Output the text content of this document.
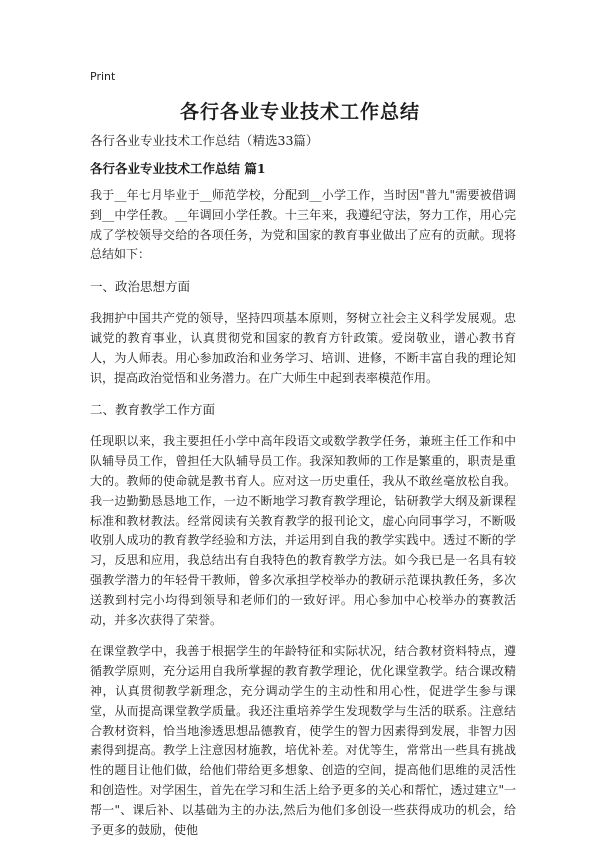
Print
各行各业专业技术工作总结

各行各业专业技术工作总结（精选33篇）

各行各业专业技术工作总结 篇1

我于__年七月毕业于__师范学校，分配到__小学工作，当时因"普九"需要被借调到__中学任教。__年调回小学任教。十三年来，我遵纪守法，努力工作，用心完成了学校领导交给的各项任务，为党和国家的教育事业做出了应有的贡献。现将总结如下：

一、政治思想方面

我拥护中国共产党的领导，坚持四项基本原则，努树立社会主义科学发展观。忠诚党的教育事业，认真贯彻党和国家的教育方针政策。爱岗敬业，谱心教书育人，为人师表。用心参加政治和业务学习、培训、进修，不断丰富自我的理论知识，提高政治觉悟和业务潜力。在广大师生中起到表率模范作用。

二、教育教学工作方面

任现职以来，我主要担任小学中高年段语文或数学教学任务，兼班主任工作和中队辅导员工作，曾担任大队辅导员工作。我深知教师的工作是繁重的，职责是重大的。教师的使命就是教书育人。应对这一历史重任，我从不敢丝毫放松自我。我一边勤勤恳恳地工作，一边不断地学习教育教学理论，钻研教学大纲及新课程标准和教材教法。经常阅读有关教育教学的报刊论文，虚心向同事学习，不断吸收别人成功的教育教学经验和方法，并运用到自我的教学实践中。透过不断的学习，反思和应用，我总结出有自我特色的教育教学方法。如今我已是一名具有较强教学潜力的年轻骨干教师，曾多次承担学校举办的教研示范课执教任务，多次送教到村完小均得到领导和老师们的一致好评。用心参加中心校举办的赛教活动，并多次获得了荣誉。

在课堂教学中，我善于根据学生的年龄特征和实际状况，结合教材资料特点，遵循教学原则，充分运用自我所掌握的教育教学理论，优化课堂教学。结合课改精神，认真贯彻教学新理念，充分调动学生的主动性和用心性，促进学生参与课堂，从而提高课堂教学质量。我还注重培养学生发现数学与生活的联系。注意结合教材资料，恰当地渗透思想品德教育，使学生的智力因素得到发展，非智力因素得到提高。教学上注意因材施教，培优补差。对优等生，常常出一些具有挑战性的题目让他们做，给他们带给更多想象、创造的空间，提高他们思维的灵活性和创造性。对学困生，首先在学习和生活上给予更多的关心和帮忙，透过建立"一帮一"、课后补、以基础为主的办法,然后为他们多创设一些获得成功的机会，给予更多的鼓励，使他
